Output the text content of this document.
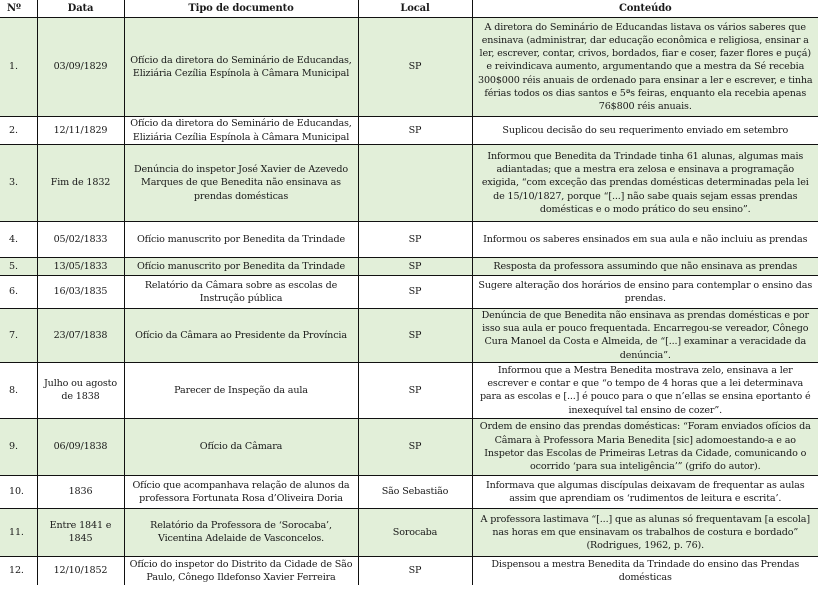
Nº	Data	Tipo de documento	Local	Conteúdo
1.	03/09/1829	Ofício da diretora do Seminário de Educandas, Eliziária Cezília Espínola à Câmara Municipal	SP	A diretora do Seminário de Educandas listava os vários saberes que ensinava (administrar, dar educação econômica e religiosa, ensinar a ler, escrever, contar, crivos, bordados, fiar e coser, fazer flores e puçá) e reivindicava aumento, argumentando que a mestra da Sé recebia 300$000 réis anuais de ordenado para ensinar a ler e escrever, e tinha férias todos os dias santos e 5ªs feiras, enquanto ela recebia apenas 76$800 réis anuais.
2.	12/11/1829	Ofício da diretora do Seminário de Educandas, Eliziária Cezília Espínola à Câmara Municipal	SP	Suplicou decisão do seu requerimento enviado em setembro
3.	Fim de 1832	Denúncia do inspetor José Xavier de Azevedo Marques de que Benedita não ensinava as prendas domésticas		Informou que Benedita da Trindade tinha 61 alunas, algumas mais adiantadas; que a mestra era zelosa e ensinava a programação exigida, “com exceção das prendas domésticas determinadas pela lei de 15/10/1827, porque “[...] não sabe quais sejam essas prendas domésticas e o modo prático do seu ensino”.
4.	05/02/1833	Ofício manuscrito por Benedita da Trindade	SP	Informou os saberes ensinados em sua aula e não incluiu as prendas
5.	13/05/1833	Ofício manuscrito por Benedita da Trindade	SP	Resposta da professora assumindo que não ensinava as prendas
6.	16/03/1835	Relatório da Câmara sobre as escolas de Instrução pública	SP	Sugere alteração dos horários de ensino para contemplar o ensino das prendas.
7.	23/07/1838	Ofício da Câmara ao Presidente da Província	SP	Denúncia de que Benedita não ensinava as prendas domésticas e por isso sua aula er pouco frequentada. Encarregou-se vereador, Cônego Cura Manoel da Costa e Almeida, de “[...] examinar a veracidade da denúncia”.
8.	Julho ou agosto de 1838	Parecer de Inspeção da aula	SP	Informou que a Mestra Benedita mostrava zelo, ensinava a ler escrever e contar e que “o tempo de 4 horas que a lei determinava para as escolas e [...] é pouco para o que n’ellas se ensina eportanto é inexequível tal ensino de cozer”.
9.	06/09/1838	Ofício da Câmara	SP	Ordem de ensino das prendas domésticas: “Foram enviados ofícios da Câmara à Professora Maria Benedita [sic] adomoestando-a e ao Inspetor das Escolas de Primeiras Letras da Cidade, comunicando o ocorrido ‘para sua inteligência’” (grifo do autor).
10.	1836	Ofício que acompanhava relação de alunos da professora Fortunata Rosa d’Oliveira Doria	São Sebastião	Informava que algumas discípulas deixavam de frequentar as aulas assim que aprendiam os ‘rudimentos de leitura e escrita’.
11.	Entre 1841 e 1845	Relatório da Professora de ‘Sorocaba’, Vicentina Adelaide de Vasconcelos.	Sorocaba	A professora lastimava “[...] que as alunas só frequentavam [a escola] nas horas em que ensinavam os trabalhos de costura e bordado” (Rodrigues, 1962, p. 76).
12.	12/10/1852	Ofício do inspetor do Distrito da Cidade de São Paulo, Cônego Ildefonso Xavier Ferreira	SP	Dispensou a mestra Benedita da Trindade do ensino das Prendas domésticas
